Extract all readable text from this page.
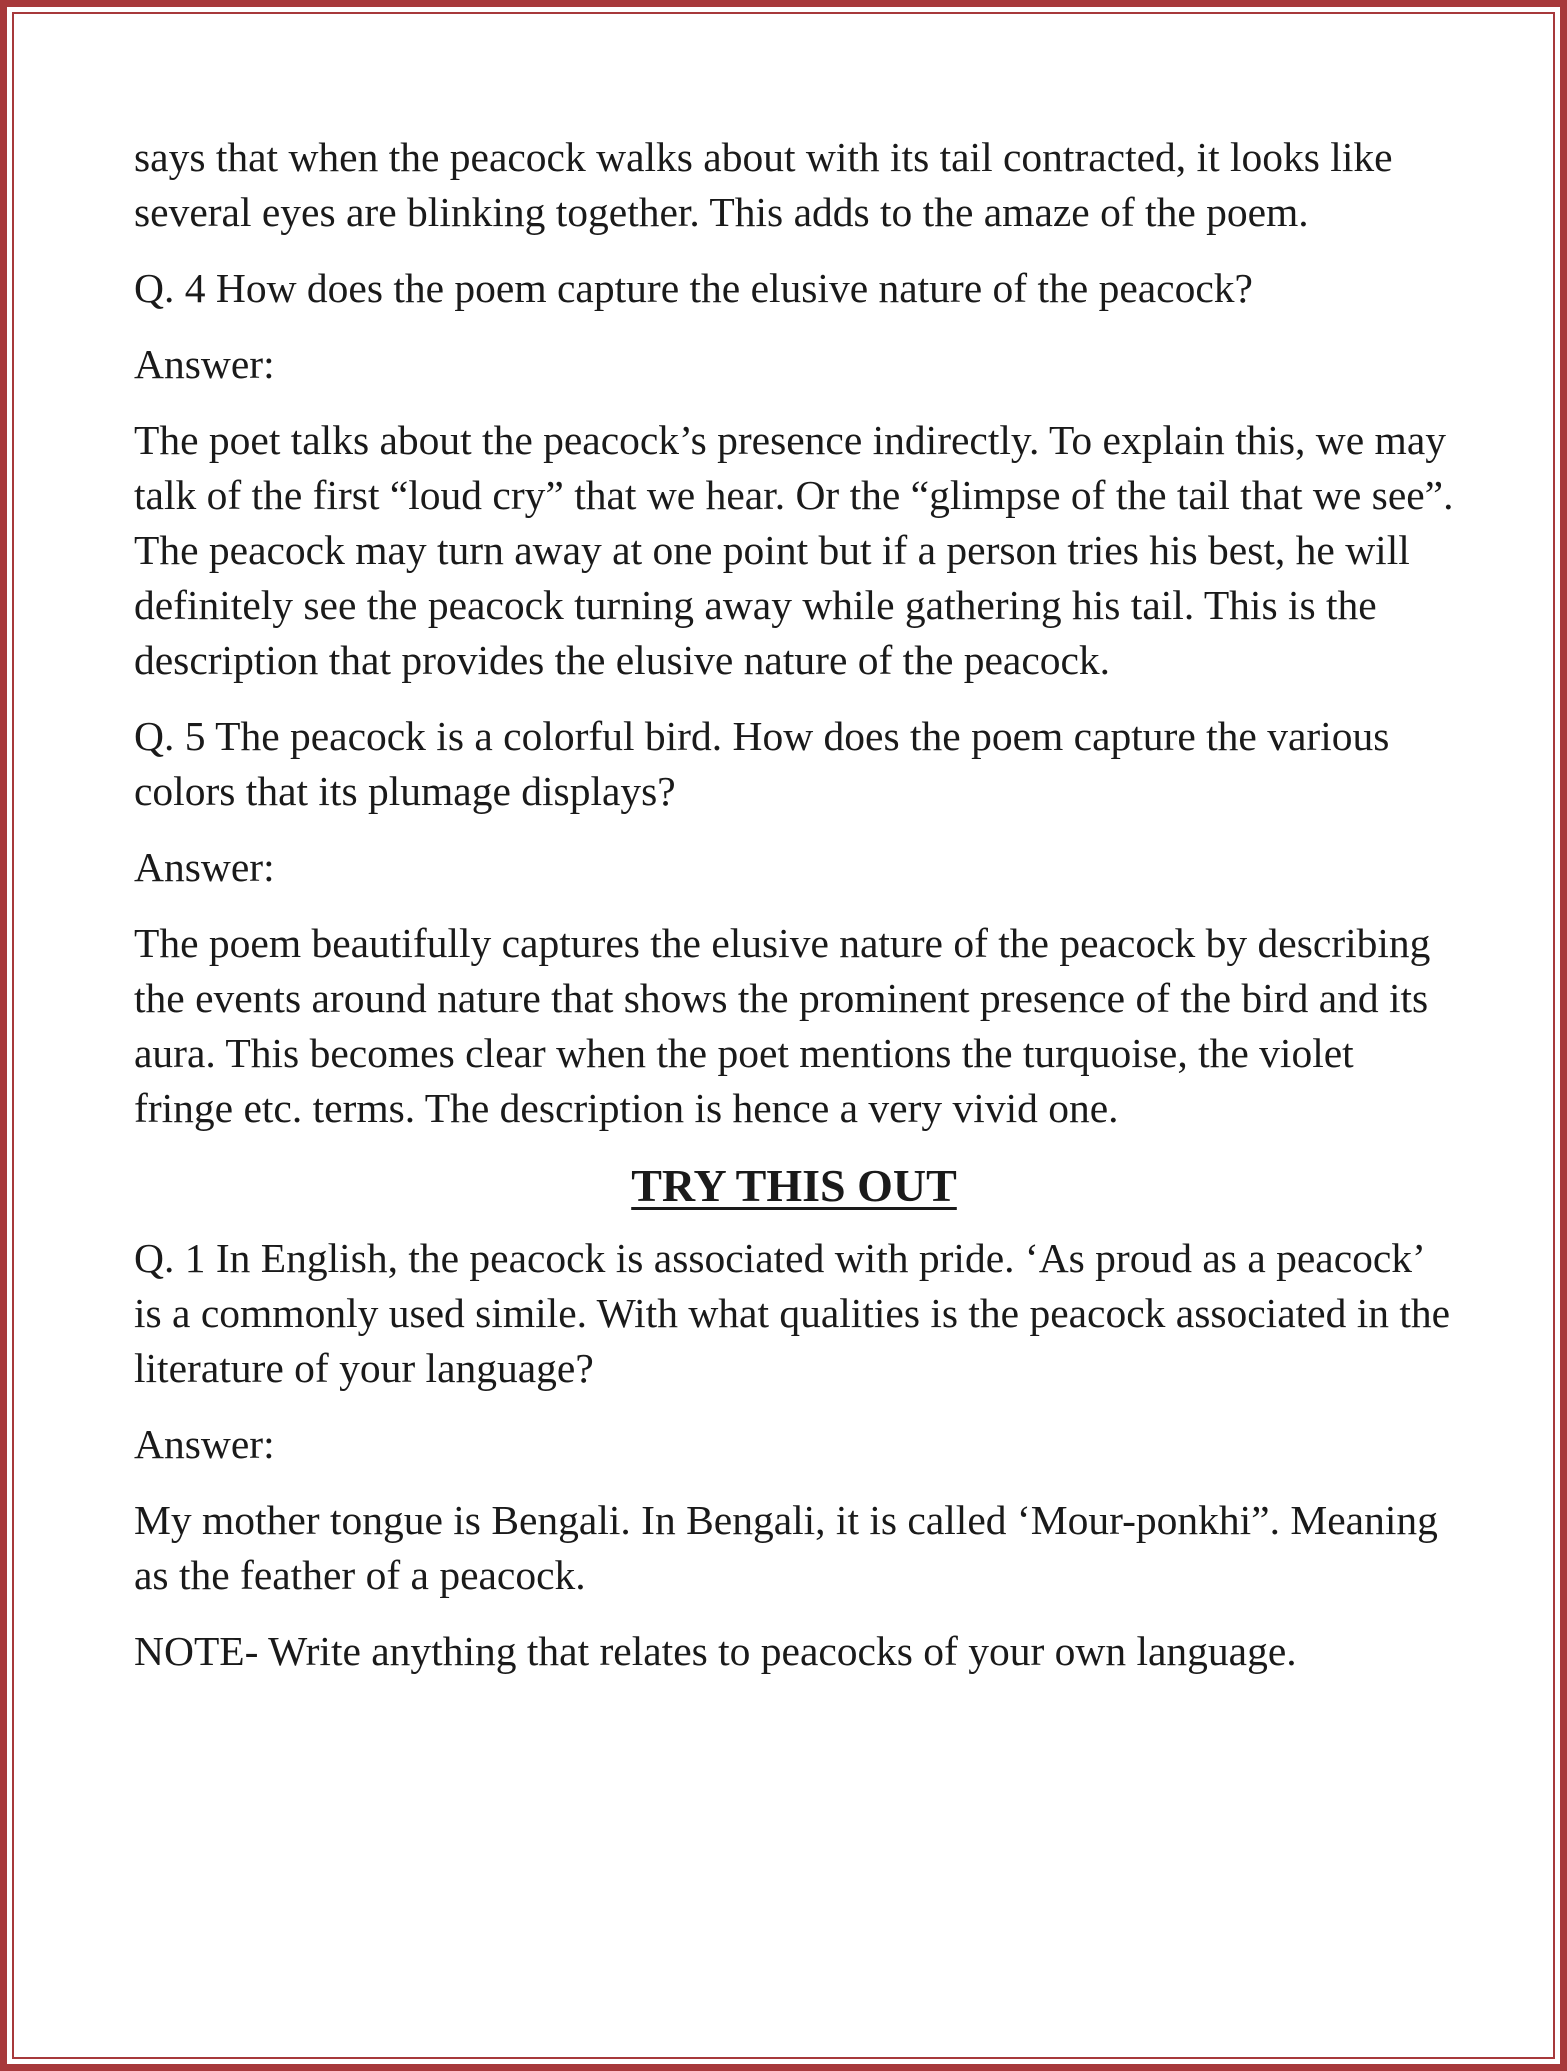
says that when the peacock walks about with its tail contracted, it looks like several eyes are blinking together. This adds to the amaze of the poem.

Q. 4 How does the poem capture the elusive nature of the peacock?

Answer:

The poet talks about the peacock’s presence indirectly. To explain this, we may talk of the first “loud cry” that we hear. Or the “glimpse of the tail that we see”. The peacock may turn away at one point but if a person tries his best, he will definitely see the peacock turning away while gathering his tail. This is the description that provides the elusive nature of the peacock.

Q. 5 The peacock is a colorful bird. How does the poem capture the various colors that its plumage displays?

Answer:

The poem beautifully captures the elusive nature of the peacock by describing the events around nature that shows the prominent presence of the bird and its aura. This becomes clear when the poet mentions the turquoise, the violet fringe etc. terms. The description is hence a very vivid one.

TRY THIS OUT

Q. 1 In English, the peacock is associated with pride. ‘As proud as a peacock’ is a commonly used simile. With what qualities is the peacock associated in the literature of your language?

Answer:

My mother tongue is Bengali. In Bengali, it is called ‘Mour-ponkhi”. Meaning as the feather of a peacock.

NOTE- Write anything that relates to peacocks of your own language.
